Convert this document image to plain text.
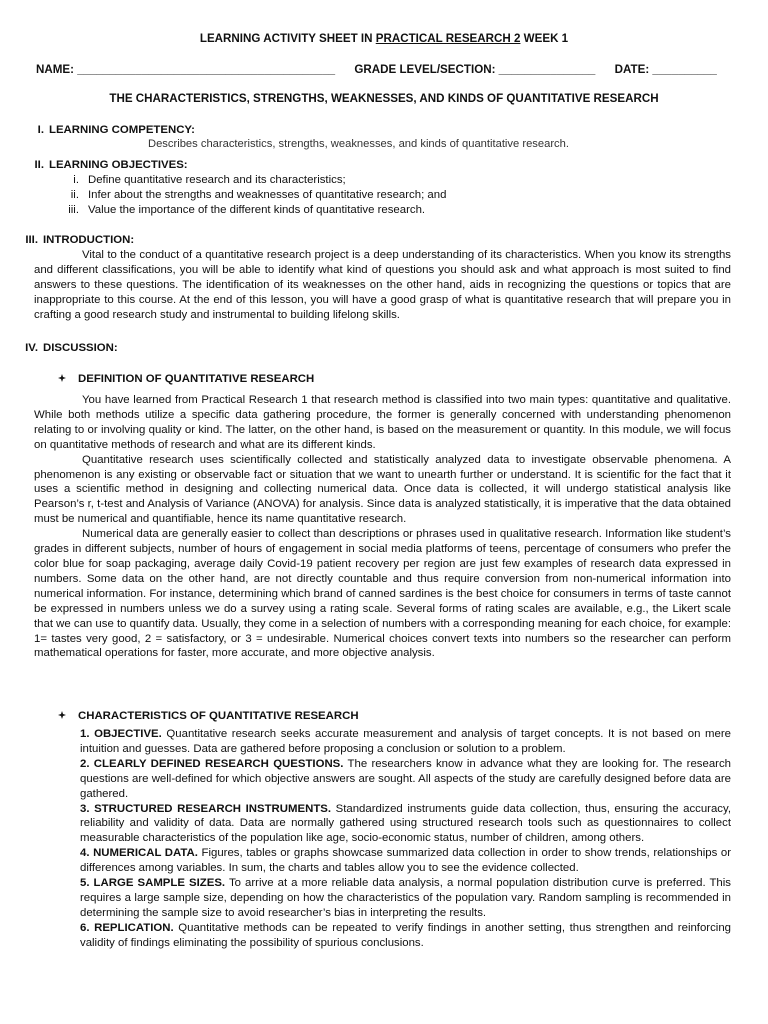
LEARNING ACTIVITY SHEET IN PRACTICAL RESEARCH 2 WEEK 1
NAME: ________________________________________ GRADE LEVEL/SECTION: _______________ DATE: __________
THE CHARACTERISTICS, STRENGTHS, WEAKNESSES, AND KINDS OF QUANTITATIVE RESEARCH
I. LEARNING COMPETENCY:
Describes characteristics, strengths, weaknesses, and kinds of quantitative research.
II. LEARNING OBJECTIVES:
i. Define quantitative research and its characteristics;
ii. Infer about the strengths and weaknesses of quantitative research; and
iii. Value the importance of the different kinds of quantitative research.
III. INTRODUCTION:
Vital to the conduct of a quantitative research project is a deep understanding of its characteristics. When you know its strengths and different classifications, you will be able to identify what kind of questions you should ask and what approach is most suited to find answers to these questions. The identification of its weaknesses on the other hand, aids in recognizing the questions or topics that are inappropriate to this course. At the end of this lesson, you will have a good grasp of what is quantitative research that will prepare you in crafting a good research study and instrumental to building lifelong skills.
IV. DISCUSSION:
DEFINITION OF QUANTITATIVE RESEARCH

You have learned from Practical Research 1 that research method is classified into two main types: quantitative and qualitative. While both methods utilize a specific data gathering procedure, the former is generally concerned with understanding phenomenon relating to or involving quality or kind. The latter, on the other hand, is based on the measurement or quantity. In this module, we will focus on quantitative methods of research and what are its different kinds.

Quantitative research uses scientifically collected and statistically analyzed data to investigate observable phenomena. A phenomenon is any existing or observable fact or situation that we want to unearth further or understand. It is scientific for the fact that it uses a scientific method in designing and collecting numerical data. Once data is collected, it will undergo statistical analysis like Pearson’s r, t-test and Analysis of Variance (ANOVA) for analysis. Since data is analyzed statistically, it is imperative that the data obtained must be numerical and quantifiable, hence its name quantitative research.

Numerical data are generally easier to collect than descriptions or phrases used in qualitative research. Information like student’s grades in different subjects, number of hours of engagement in social media platforms of teens, percentage of consumers who prefer the color blue for soap packaging, average daily Covid-19 patient recovery per region are just few examples of research data expressed in numbers. Some data on the other hand, are not directly countable and thus require conversion from non-numerical information into numerical information. For instance, determining which brand of canned sardines is the best choice for consumers in terms of taste cannot be expressed in numbers unless we do a survey using a rating scale. Several forms of rating scales are available, e.g., the Likert scale that we can use to quantify data. Usually, they come in a selection of numbers with a corresponding meaning for each choice, for example: 1= tastes very good, 2 = satisfactory, or 3 = undesirable. Numerical choices convert texts into numbers so the researcher can perform mathematical operations for faster, more accurate, and more objective analysis.

CHARACTERISTICS OF QUANTITATIVE RESEARCH

1. OBJECTIVE. Quantitative research seeks accurate measurement and analysis of target concepts. It is not based on mere intuition and guesses. Data are gathered before proposing a conclusion or solution to a problem.

2. CLEARLY DEFINED RESEARCH QUESTIONS. The researchers know in advance what they are looking for. The research questions are well-defined for which objective answers are sought. All aspects of the study are carefully designed before data are gathered.

3. STRUCTURED RESEARCH INSTRUMENTS. Standardized instruments guide data collection, thus, ensuring the accuracy, reliability and validity of data. Data are normally gathered using structured research tools such as questionnaires to collect measurable characteristics of the population like age, socio-economic status, number of children, among others.

4. NUMERICAL DATA. Figures, tables or graphs showcase summarized data collection in order to show trends, relationships or differences among variables. In sum, the charts and tables allow you to see the evidence collected.

5. LARGE SAMPLE SIZES. To arrive at a more reliable data analysis, a normal population distribution curve is preferred. This requires a large sample size, depending on how the characteristics of the population vary. Random sampling is recommended in determining the sample size to avoid researcher’s bias in interpreting the results.

6. REPLICATION. Quantitative methods can be repeated to verify findings in another setting, thus strengthen and reinforcing validity of findings eliminating the possibility of spurious conclusions.
